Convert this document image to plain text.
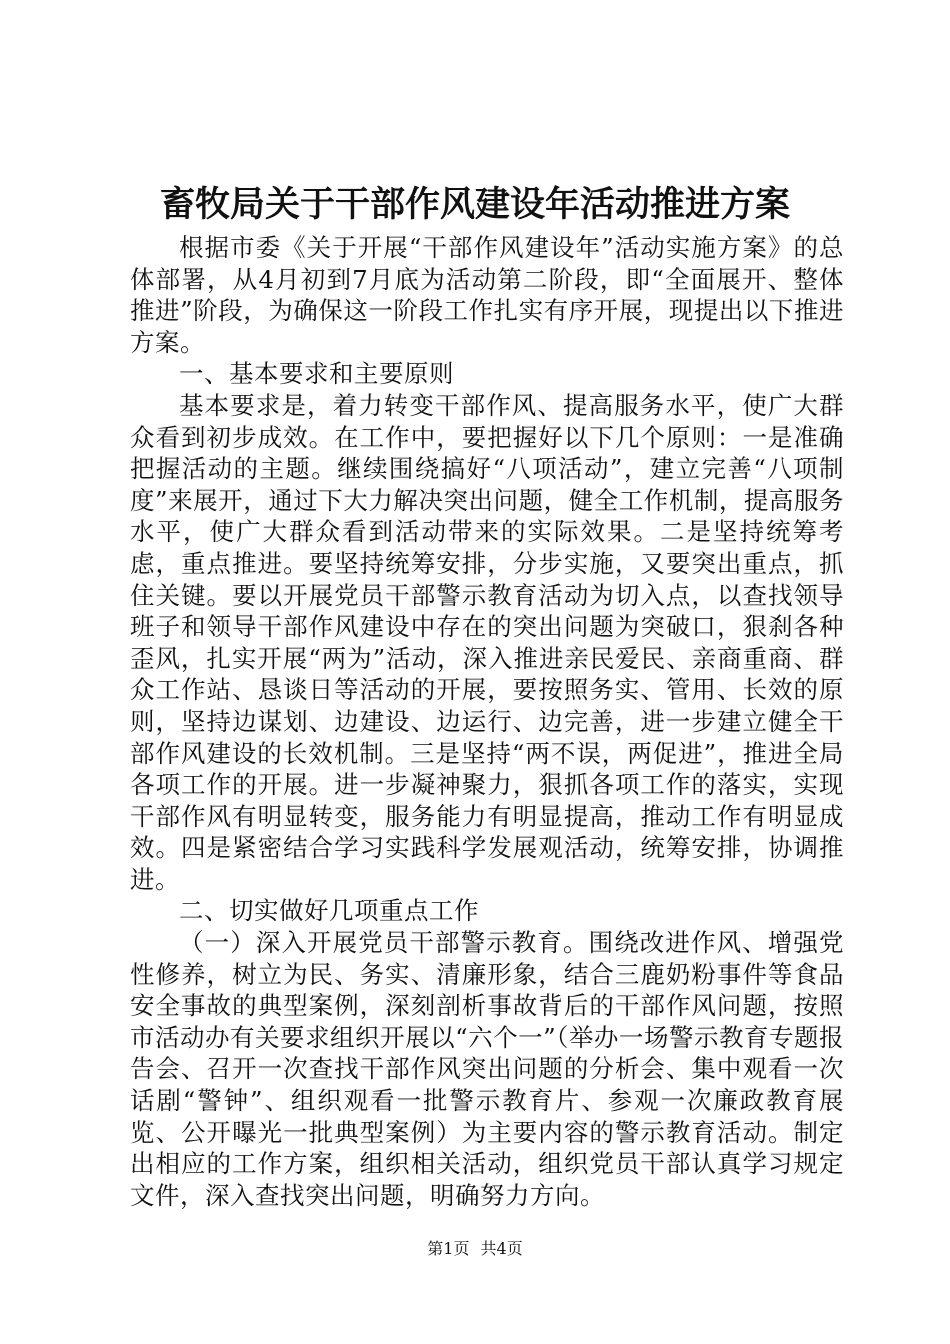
畜牧局关于干部作风建设年活动推进方案

根据市委《关于开展“干部作风建设年”活动实施方案》的总体部署，从4月初到7月底为活动第二阶段，即“全面展开、整体推进”阶段，为确保这一阶段工作扎实有序开展，现提出以下推进方案。

一、基本要求和主要原则

基本要求是，着力转变干部作风、提高服务水平，使广大群众看到初步成效。在工作中，要把握好以下几个原则：一是准确把握活动的主题。继续围绕搞好“八项活动”，建立完善“八项制度”来展开，通过下大力解决突出问题，健全工作机制，提高服务水平，使广大群众看到活动带来的实际效果。二是坚持统筹考虑，重点推进。要坚持统筹安排，分步实施，又要突出重点，抓住关键。要以开展党员干部警示教育活动为切入点，以查找领导班子和领导干部作风建设中存在的突出问题为突破口，狠刹各种歪风，扎实开展“两为”活动，深入推进亲民爱民、亲商重商、群众工作站、恳谈日等活动的开展，要按照务实、管用、长效的原则，坚持边谋划、边建设、边运行、边完善，进一步建立健全干部作风建设的长效机制。三是坚持“两不误，两促进”，推进全局各项工作的开展。进一步凝神聚力，狠抓各项工作的落实，实现干部作风有明显转变，服务能力有明显提高，推动工作有明显成效。四是紧密结合学习实践科学发展观活动，统筹安排，协调推进。

二、切实做好几项重点工作

（一）深入开展党员干部警示教育。围绕改进作风、增强党性修养，树立为民、务实、清廉形象，结合三鹿奶粉事件等食品安全事故的典型案例，深刻剖析事故背后的干部作风问题，按照市活动办有关要求组织开展以“六个一”（举办一场警示教育专题报告会、召开一次查找干部作风突出问题的分析会、集中观看一次话剧“警钟”、组织观看一批警示教育片、参观一次廉政教育展览、公开曝光一批典型案例）为主要内容的警示教育活动。制定出相应的工作方案，组织相关活动，组织党员干部认真学习规定文件，深入查找突出问题，明确努力方向。

第1页 共4页
